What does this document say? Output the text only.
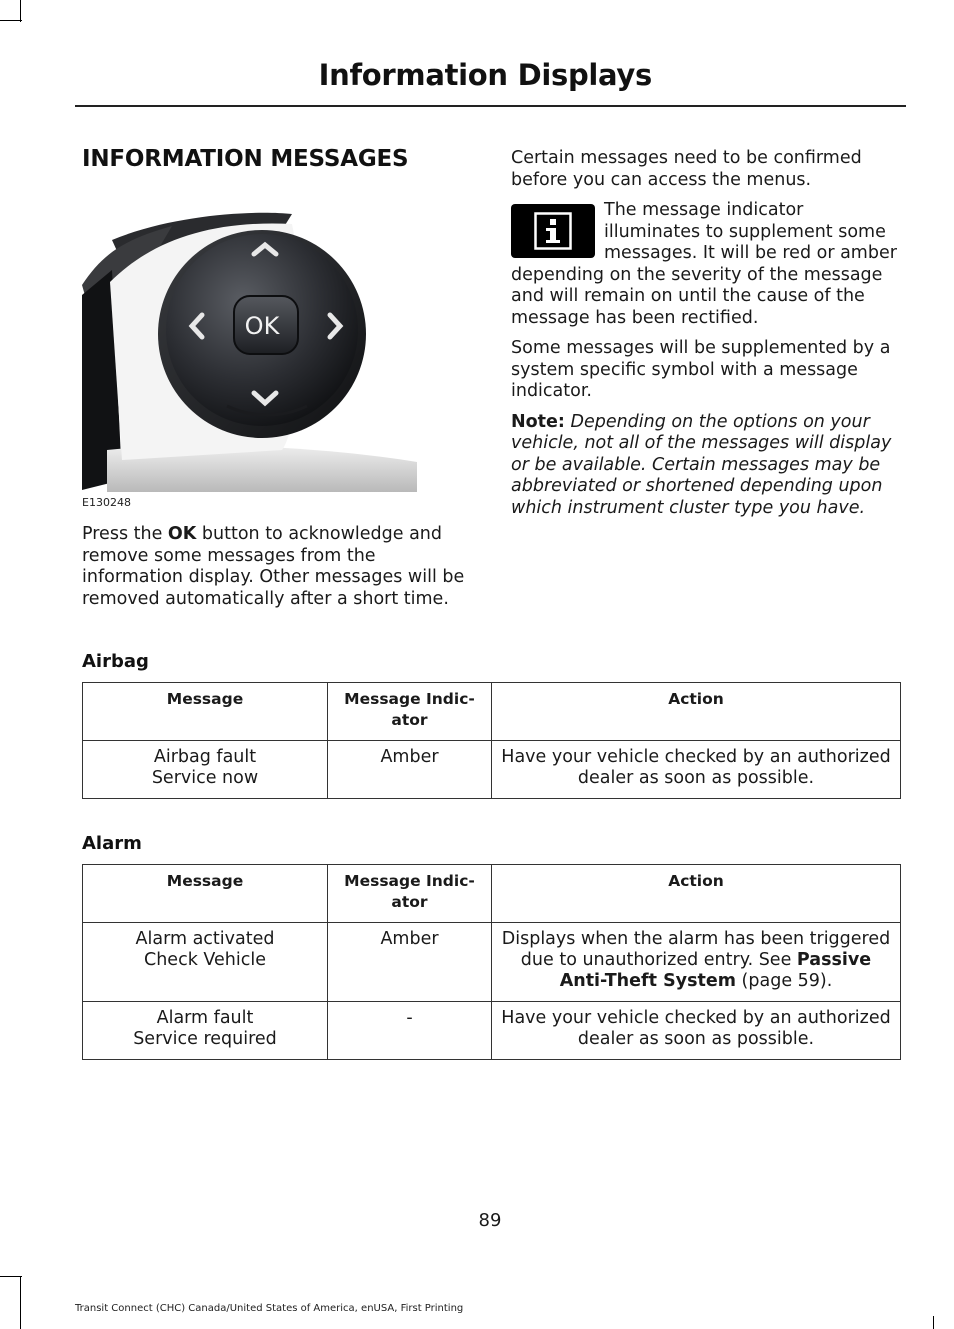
Information Displays
INFORMATION MESSAGES
OK
E130248
Press the OK button to acknowledge and remove some messages from the information display. Other messages will be removed automatically after a short time.

Certain messages need to be confirmed before you can access the menus.

The message indicator illuminates to supplement some messages. It will be red or amber depending on the severity of the message and will remain on until the cause of the message has been rectified.

Some messages will be supplemented by a system specific symbol with a message indicator.

Note: Depending on the options on your vehicle, not all of the messages will display or be available. Certain messages may be abbreviated or shortened depending upon which instrument cluster type you have.

Airbag
Message	Message Indic-ator	Action

Airbag fault
Service now	Amber	Have your vehicle checked by an authorized dealer as soon as possible.
Alarm
Message	Message Indic-ator	Action

Alarm activated
Check Vehicle	Amber	Displays when the alarm has been triggered due to unauthorized entry. See Passive Anti-Theft System (page 59).

Alarm fault
Service required	-	Have your vehicle checked by an authorized dealer as soon as possible.
89
Transit Connect (CHC) Canada/United States of America, enUSA, First Printing
